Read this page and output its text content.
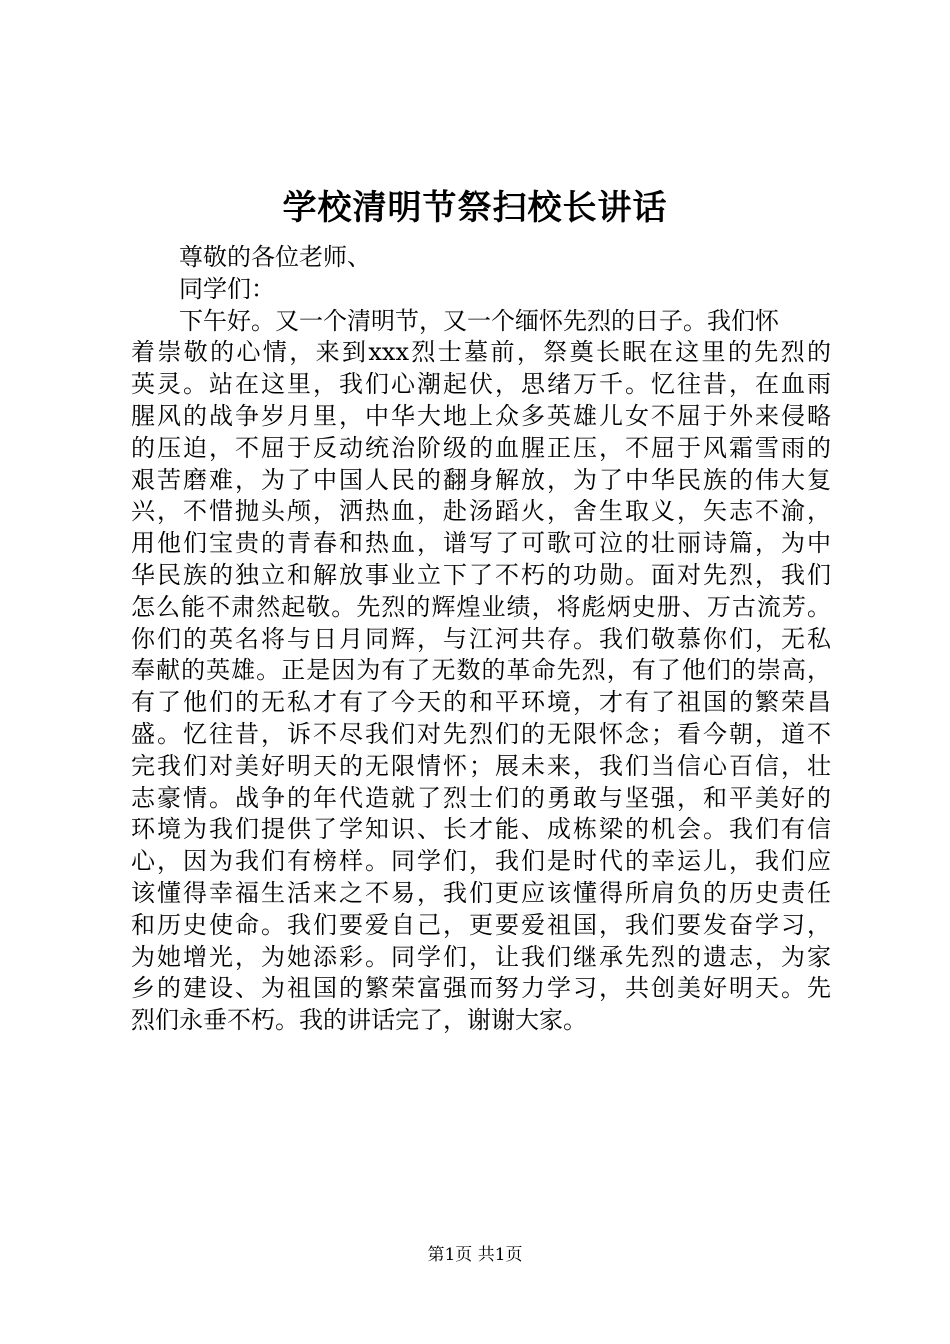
学校清明节祭扫校长讲话
尊敬的各位老师、
同学们：
下午好。又一个清明节，又一个缅怀先烈的日子。我们怀
着崇敬的心情，来到xxx烈士墓前，祭奠长眠在这里的先烈的
英灵。站在这里，我们心潮起伏，思绪万千。忆往昔，在血雨
腥风的战争岁月里，中华大地上众多英雄儿女不屈于外来侵略
的压迫，不屈于反动统治阶级的血腥正压，不屈于风霜雪雨的
艰苦磨难，为了中国人民的翻身解放，为了中华民族的伟大复
兴，不惜抛头颅，洒热血，赴汤蹈火，舍生取义，矢志不渝，
用他们宝贵的青春和热血，谱写了可歌可泣的壮丽诗篇，为中
华民族的独立和解放事业立下了不朽的功勋。面对先烈，我们
怎么能不肃然起敬。先烈的辉煌业绩，将彪炳史册、万古流芳。
你们的英名将与日月同辉，与江河共存。我们敬慕你们，无私
奉献的英雄。正是因为有了无数的革命先烈，有了他们的崇高，
有了他们的无私才有了今天的和平环境，才有了祖国的繁荣昌
盛。忆往昔，诉不尽我们对先烈们的无限怀念；看今朝，道不
完我们对美好明天的无限情怀；展未来，我们当信心百信，壮
志豪情。战争的年代造就了烈士们的勇敢与坚强，和平美好的
环境为我们提供了学知识、长才能、成栋梁的机会。我们有信
心，因为我们有榜样。同学们，我们是时代的幸运儿，我们应
该懂得幸福生活来之不易，我们更应该懂得所肩负的历史责任
和历史使命。我们要爱自己，更要爱祖国，我们要发奋学习，
为她增光，为她添彩。同学们，让我们继承先烈的遗志，为家
乡的建设、为祖国的繁荣富强而努力学习，共创美好明天。先
烈们永垂不朽。我的讲话完了，谢谢大家。
第1页 共1页
